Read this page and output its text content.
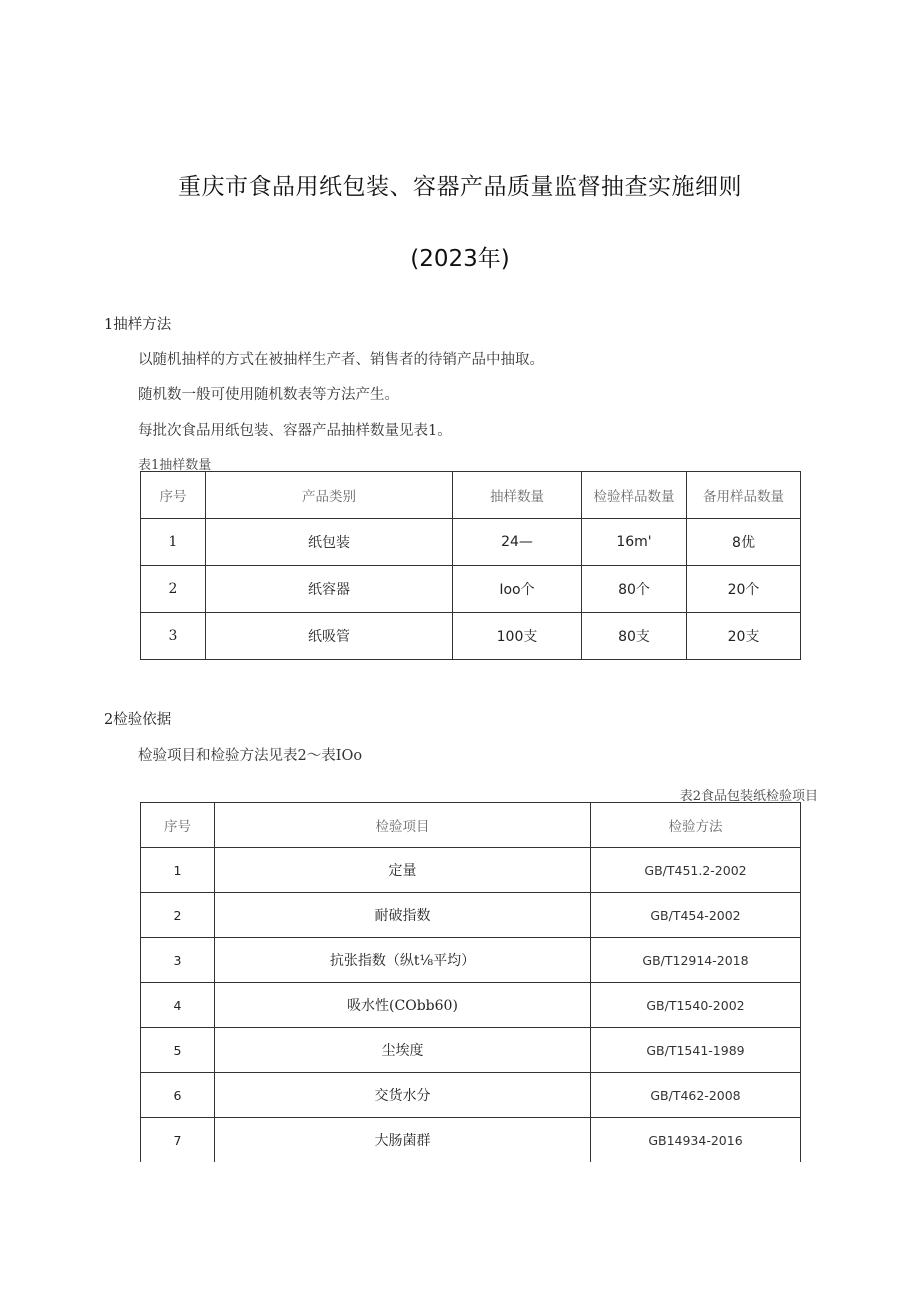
重庆市食品用纸包装、容器产品质量监督抽查实施细则
(2023年)
1抽样方法
以随机抽样的方式在被抽样生产者、销售者的待销产品中抽取。
随机数一般可使用随机数表等方法产生。
每批次食品用纸包装、容器产品抽样数量见表1。
表1抽样数量
序号	产品类别	抽样数量	检验样品数量	备用样品数量
1	纸包装	24—	16m'	8优
2	纸容器	Ioo个	80个	20个
3	纸吸管	100支	80支	20支
2检验依据
检验项目和检验方法见表2～表IOo
表2食品包装纸检验项目
序号	检验项目	检验方法
1	定量	GB/T451.2-2002
2	耐破指数	GB/T454-2002
3	抗张指数（纵t⅛平均）	GB/T12914-2018
4	吸水性(CObb60)	GB/T1540-2002
5	尘埃度	GB/T1541-1989
6	交货水分	GB/T462-2008
7	大肠菌群	GB14934-2016
